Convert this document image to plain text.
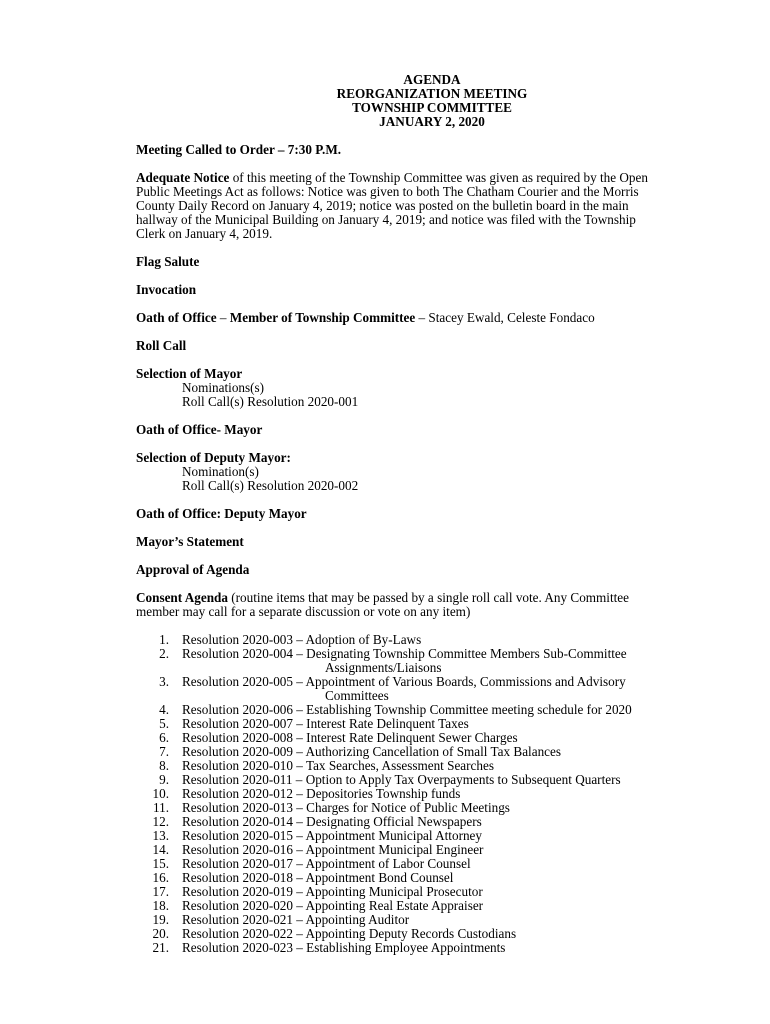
AGENDA
REORGANIZATION MEETING
TOWNSHIP COMMITTEE
JANUARY 2, 2020
Meeting Called to Order – 7:30 P.M.
Adequate Notice of this meeting of the Township Committee was given as required by the Open
Public Meetings Act as follows: Notice was given to both The Chatham Courier and the Morris
County Daily Record on January 4, 2019; notice was posted on the bulletin board in the main
hallway of the Municipal Building on January 4, 2019; and notice was filed with the Township
Clerk on January 4, 2019.
Flag Salute
Invocation
Oath of Office – Member of Township Committee – Stacey Ewald, Celeste Fondaco
Roll Call
Selection of Mayor
Nominations(s)
Roll Call(s) Resolution 2020-001
Oath of Office- Mayor
Selection of Deputy Mayor:
Nomination(s)
Roll Call(s) Resolution 2020-002
Oath of Office: Deputy Mayor
Mayor’s Statement
Approval of Agenda
Consent Agenda (routine items that may be passed by a single roll call vote. Any Committee
member may call for a separate discussion or vote on any item)
1. Resolution 2020-003 – Adoption of By-Laws
2. Resolution 2020-004 – Designating Township Committee Members Sub-Committee
Assignments/Liaisons
3. Resolution 2020-005 – Appointment of Various Boards, Commissions and Advisory
Committees
4. Resolution 2020-006 – Establishing Township Committee meeting schedule for 2020
5. Resolution 2020-007 – Interest Rate Delinquent Taxes
6. Resolution 2020-008 – Interest Rate Delinquent Sewer Charges
7. Resolution 2020-009 – Authorizing Cancellation of Small Tax Balances
8. Resolution 2020-010 – Tax Searches, Assessment Searches
9. Resolution 2020-011 – Option to Apply Tax Overpayments to Subsequent Quarters
10. Resolution 2020-012 – Depositories Township funds
11. Resolution 2020-013 – Charges for Notice of Public Meetings
12. Resolution 2020-014 – Designating Official Newspapers
13. Resolution 2020-015 – Appointment Municipal Attorney
14. Resolution 2020-016 – Appointment Municipal Engineer
15. Resolution 2020-017 – Appointment of Labor Counsel
16. Resolution 2020-018 – Appointment Bond Counsel
17. Resolution 2020-019 – Appointing Municipal Prosecutor
18. Resolution 2020-020 – Appointing Real Estate Appraiser
19. Resolution 2020-021 – Appointing Auditor
20. Resolution 2020-022 – Appointing Deputy Records Custodians
21. Resolution 2020-023 – Establishing Employee Appointments
